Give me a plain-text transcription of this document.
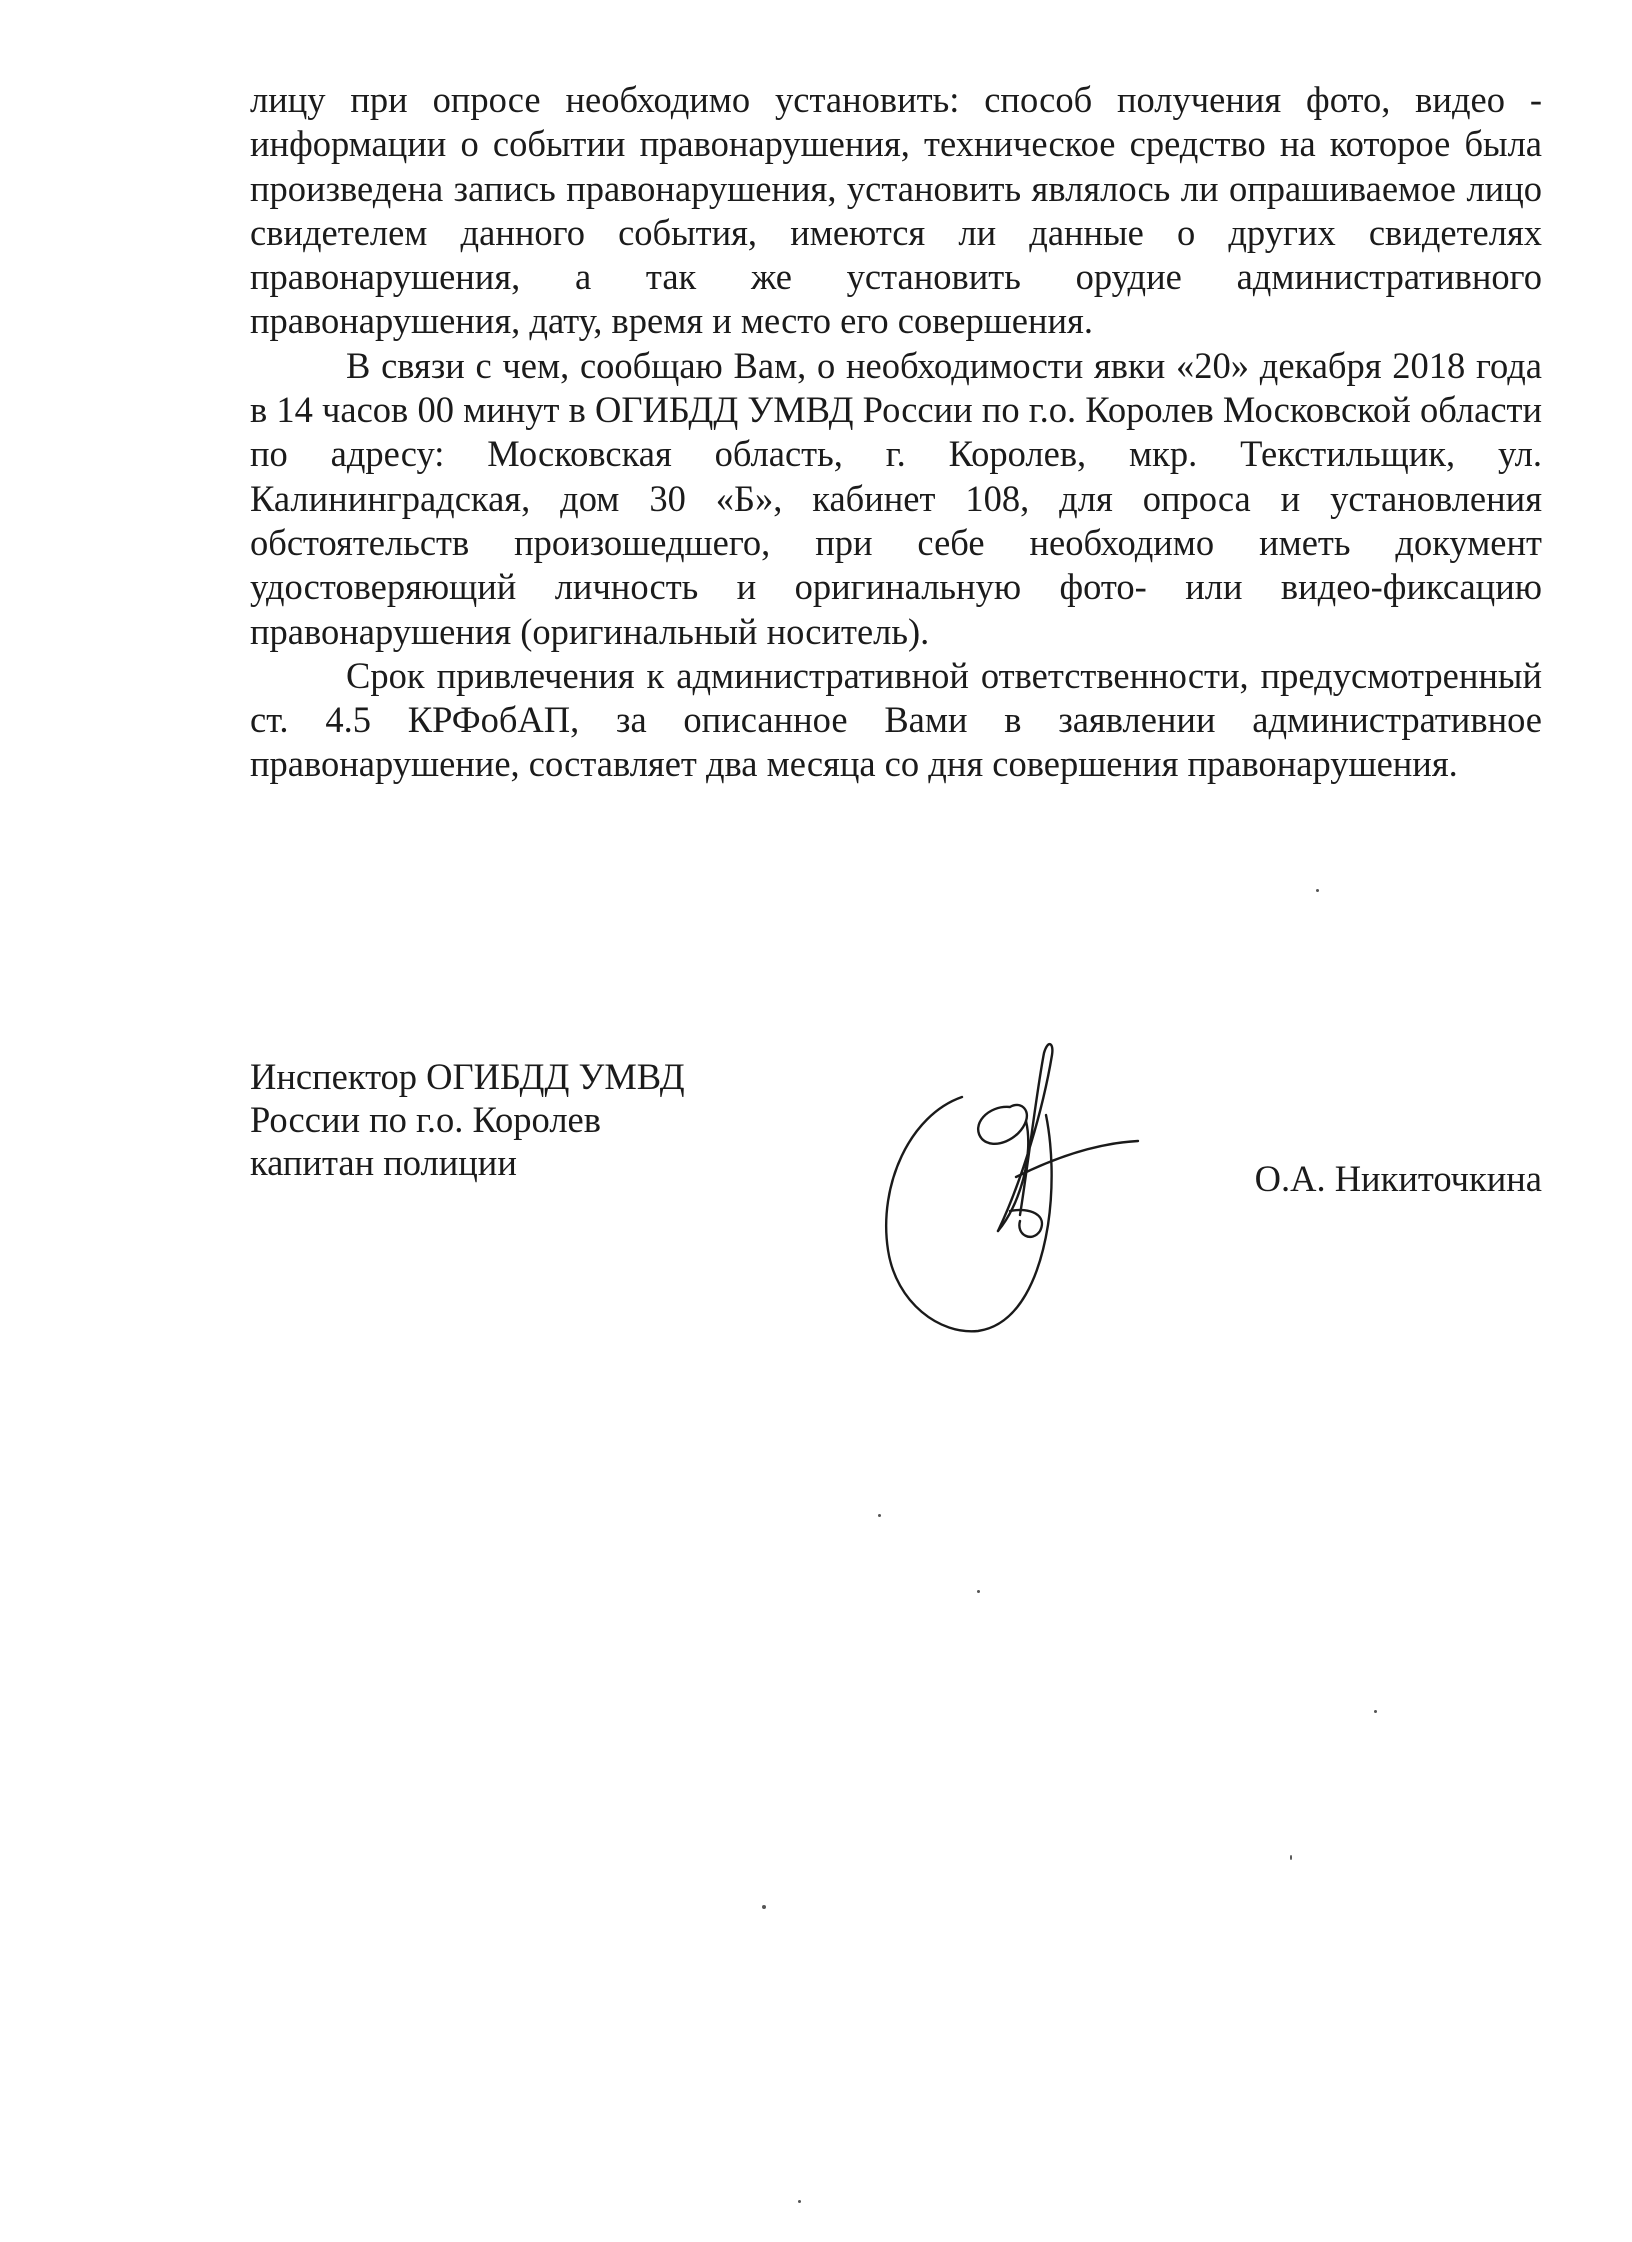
лицу при опросе необходимо установить: способ получения фото, видео - информации о событии правонарушения, техническое средство на которое была произведена запись правонарушения, установить являлось ли опрашиваемое лицо свидетелем данного события, имеются ли данные о других свидетелях правонарушения, а так же установить орудие административного правонарушения, дату, время и место его совершения.

В связи с чем, сообщаю Вам, о необходимости явки «20» декабря 2018 года в 14 часов 00 минут в ОГИБДД УМВД России по г.о. Королев Московской области по адресу: Московская область, г. Королев, мкр. Текстильщик, ул. Калининградская, дом 30 «Б», кабинет 108, для опроса и установления обстоятельств произошедшего, при себе необходимо иметь документ удостоверяющий личность и оригинальную фото- или видео-фиксацию правонарушения (оригинальный носитель).

Срок привлечения к административной ответственности, предусмотренный ст. 4.5 КРФобАП, за описанное Вами в заявлении административное правонарушение, составляет два месяца со дня совершения правонарушения.

Инспектор ОГИБДД УМВД
России по г.о. Королев
капитан полиции	О.А. Никиточкина
